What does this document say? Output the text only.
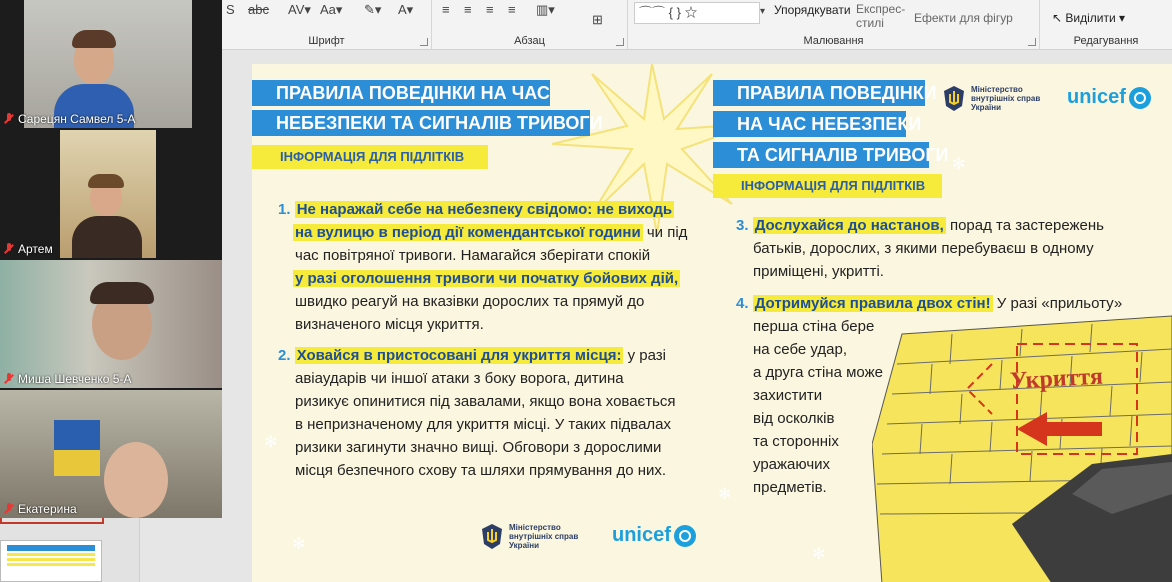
S abc AV▾ Aa▾ ✎▾ A▾
Шрифт
≡ ≡ ≡ ≡ ▥▾
⊞
Абзац
⌒⌒ { } ☆	▾ Упорядкувати Експрес-стилі	Ефекти для фігур
Малювання
↖ Виділити ▾
Редагування
ПРАВИЛА ПОВЕДІНКИ НА ЧАС
НЕБЕЗПЕКИ ТА СИГНАЛІВ ТРИВОГИ
ІНФОРМАЦІЯ ДЛЯ ПІДЛІТКІВ
ПРАВИЛА ПОВЕДІНКИ
НА ЧАС НЕБЕЗПЕКИ
ТА СИГНАЛІВ ТРИВОГИ
ІНФОРМАЦІЯ ДЛЯ ПІДЛІТКІВ
Міністерство
внутрішніх справ
України	unicef
1. Не наражай себе на небезпеку свідомо: не виходь
на вулицю в період дії комендантської години чи під
час повітряної тривоги. Намагайся зберігати спокій
у разі оголошення тривоги чи початку бойових дій,
швидко реагуй на вказівки дорослих та прямуй до
визначеного місця укриття.
2. Ховайся в пристосовані для укриття місця: у разі

авіаударів чи іншої атаки з боку ворога, дитина
ризикує опинитися під завалами, якщо вона ховається
в непризначеному для укриття місці. У таких підвалах
ризики загинути значно вищі. Обговори з дорослими
місця безпечного схову та шляхи прямування до них.
Міністерство
внутрішніх справ
України	unicef
3. Дослухайся до настанов, порад та застережень

батьків, дорослих, з якими перебуваєш в одному
приміщені, укритті.
Укриття
4. Дотримуйся правила двох стін! У разі «прильоту»
перша стіна бере
на себе удар,
а друга стіна може
захистити
від осколків
та сторонніх
уражаючих
предметів.
✻
✻
✻
✻
✻
Сарецян Самвел 5-А
Артем
Миша Шевченко 5-А
Екатерина
